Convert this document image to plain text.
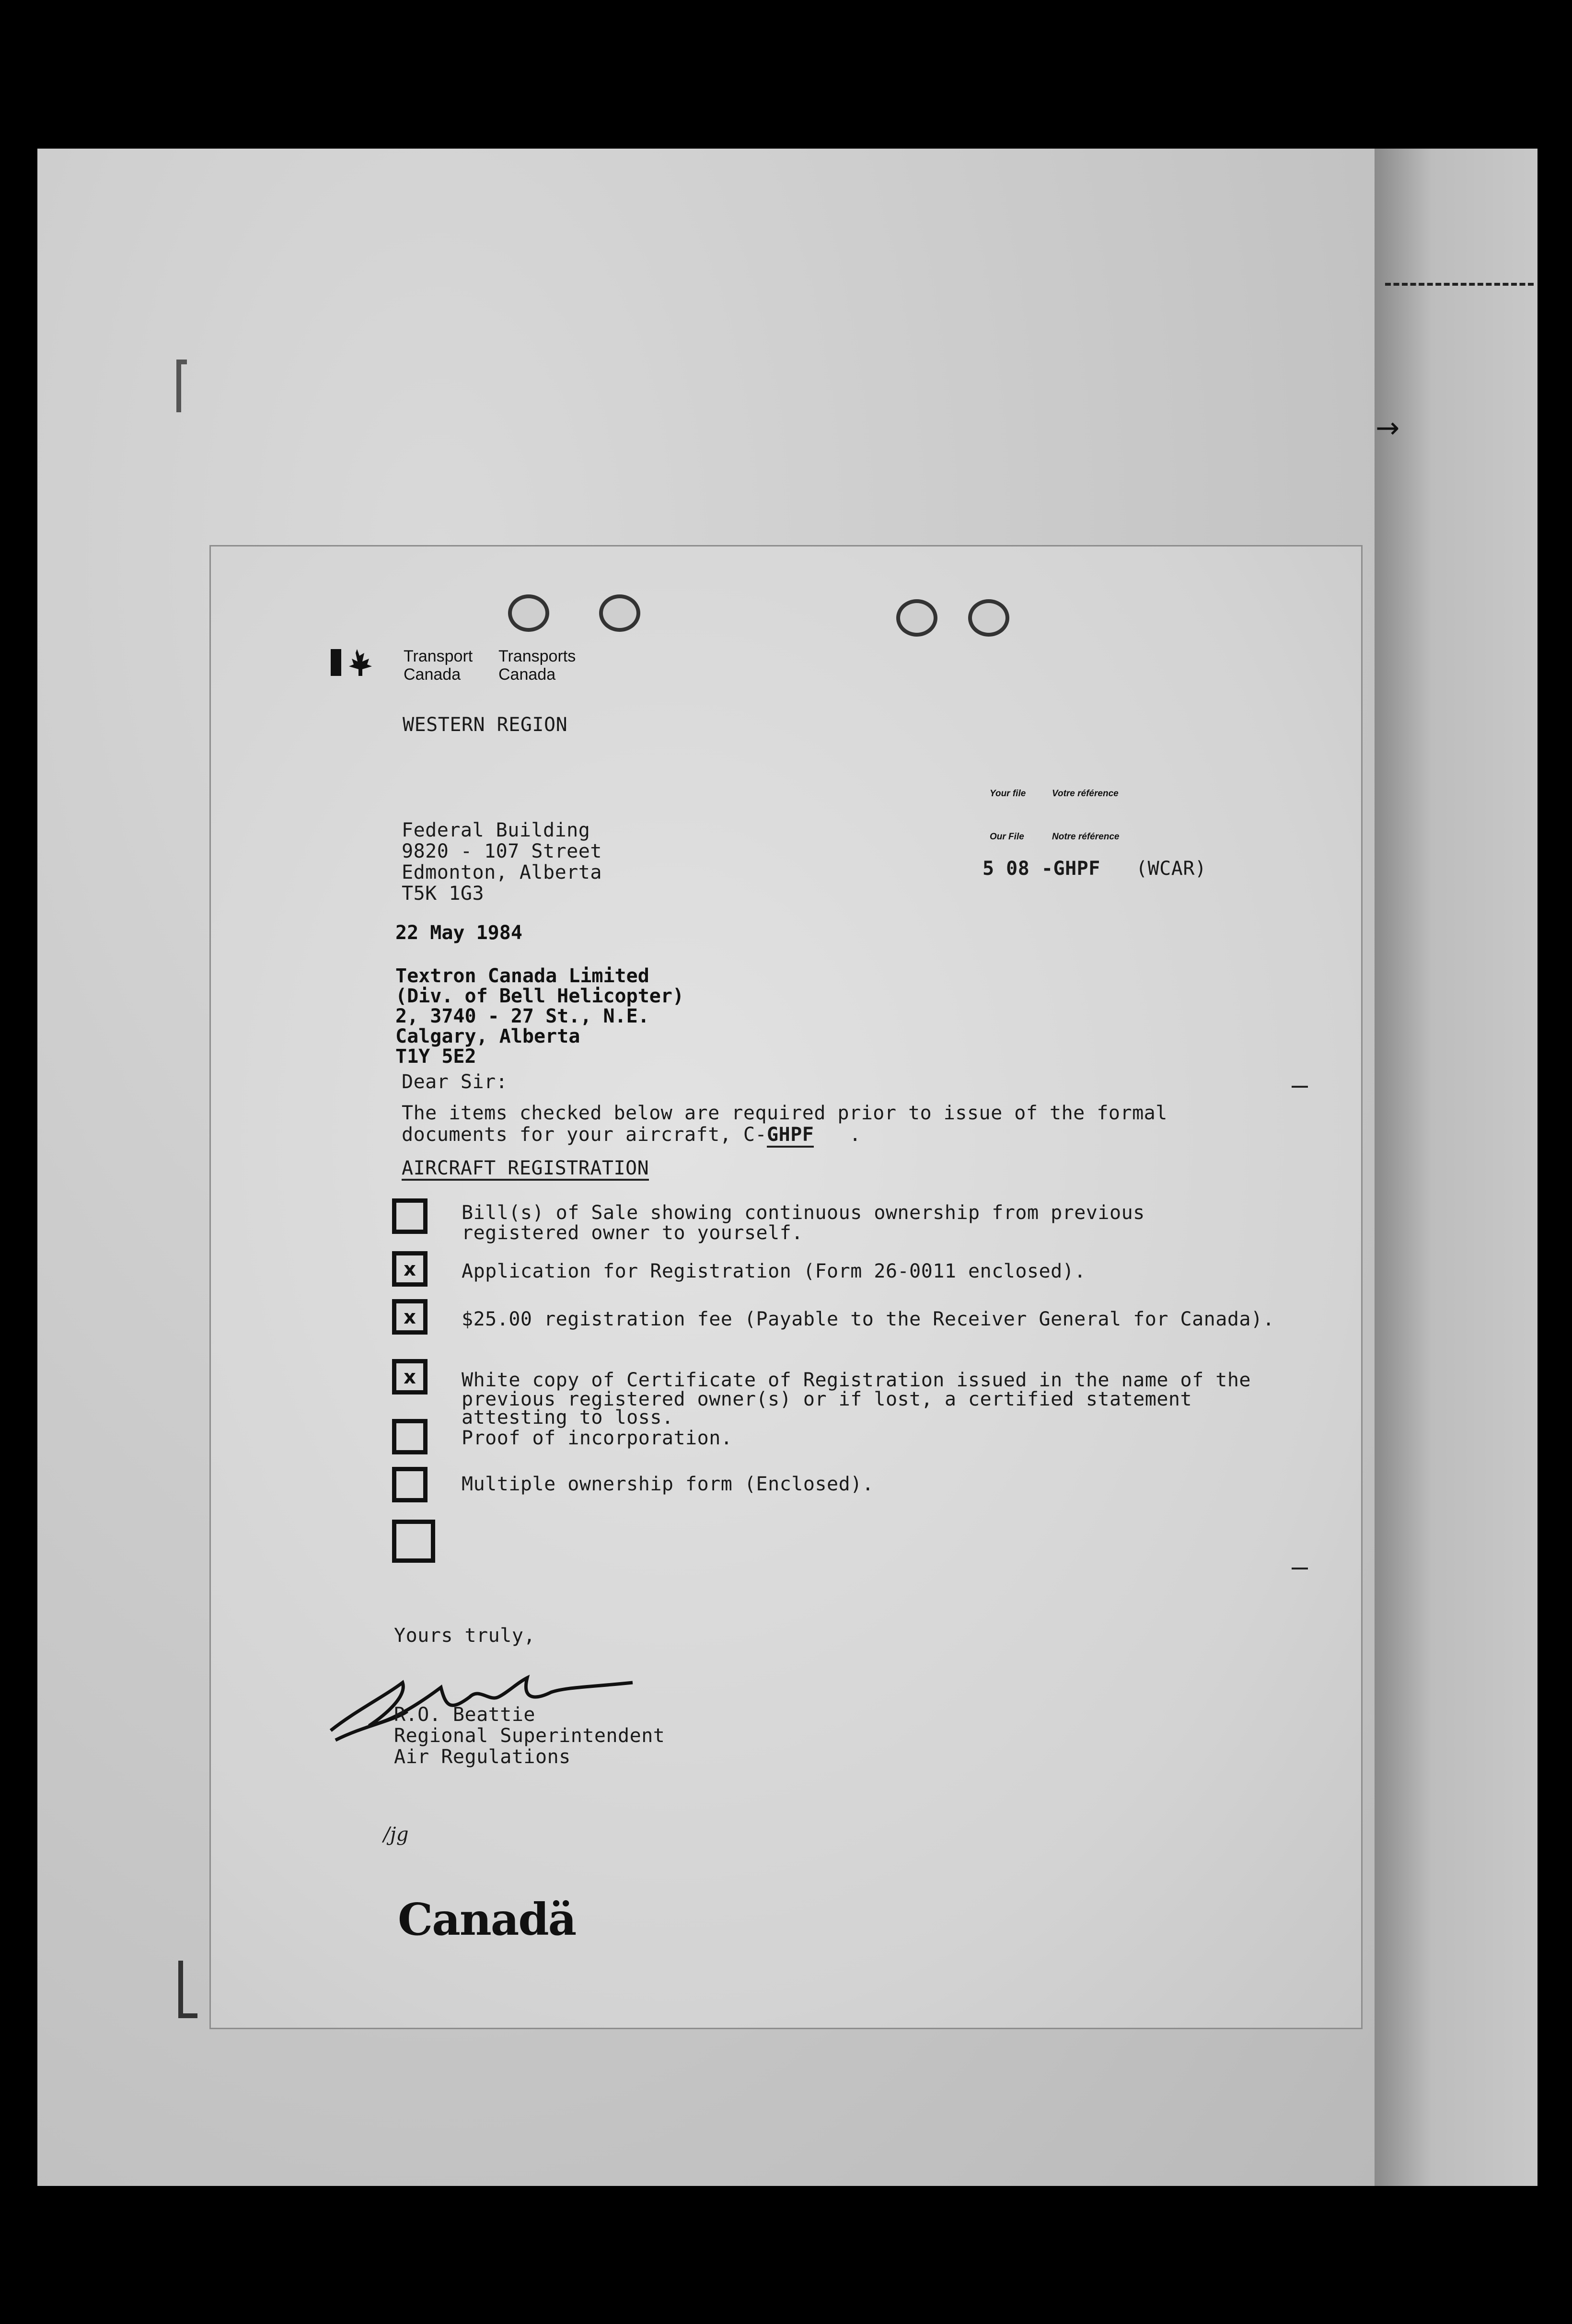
→
Transport
Canada
Transports
Canada
WESTERN REGION
Your file	Votre référence
Our File	Notre référence
5 08 -GHPF (WCAR)
Federal Building
9820 - 107 Street
Edmonton, Alberta
T5K 1G3
22 May 1984
Textron Canada Limited
(Div. of Bell Helicopter)
2, 3740 - 27 St., N.E.
Calgary, Alberta
T1Y 5E2
Dear Sir:
The items checked below are required prior to issue of the formal
documents for your aircraft, C-GHPF .
AIRCRAFT REGISTRATION
Bill(s) of Sale showing continuous ownership from previous
registered owner to yourself.
x	Application for Registration (Form 26-0011 enclosed).
x	$25.00 registration fee (Payable to the Receiver General for Canada).
x	White copy of Certificate of Registration issued in the name of the
previous registered owner(s) or if lost, a certified statement
attesting to loss.
Proof of incorporation.
Multiple ownership form (Enclosed).
Yours truly,
R.O. Beattie
Regional Superintendent
Air Regulations
/jg
Canadä
